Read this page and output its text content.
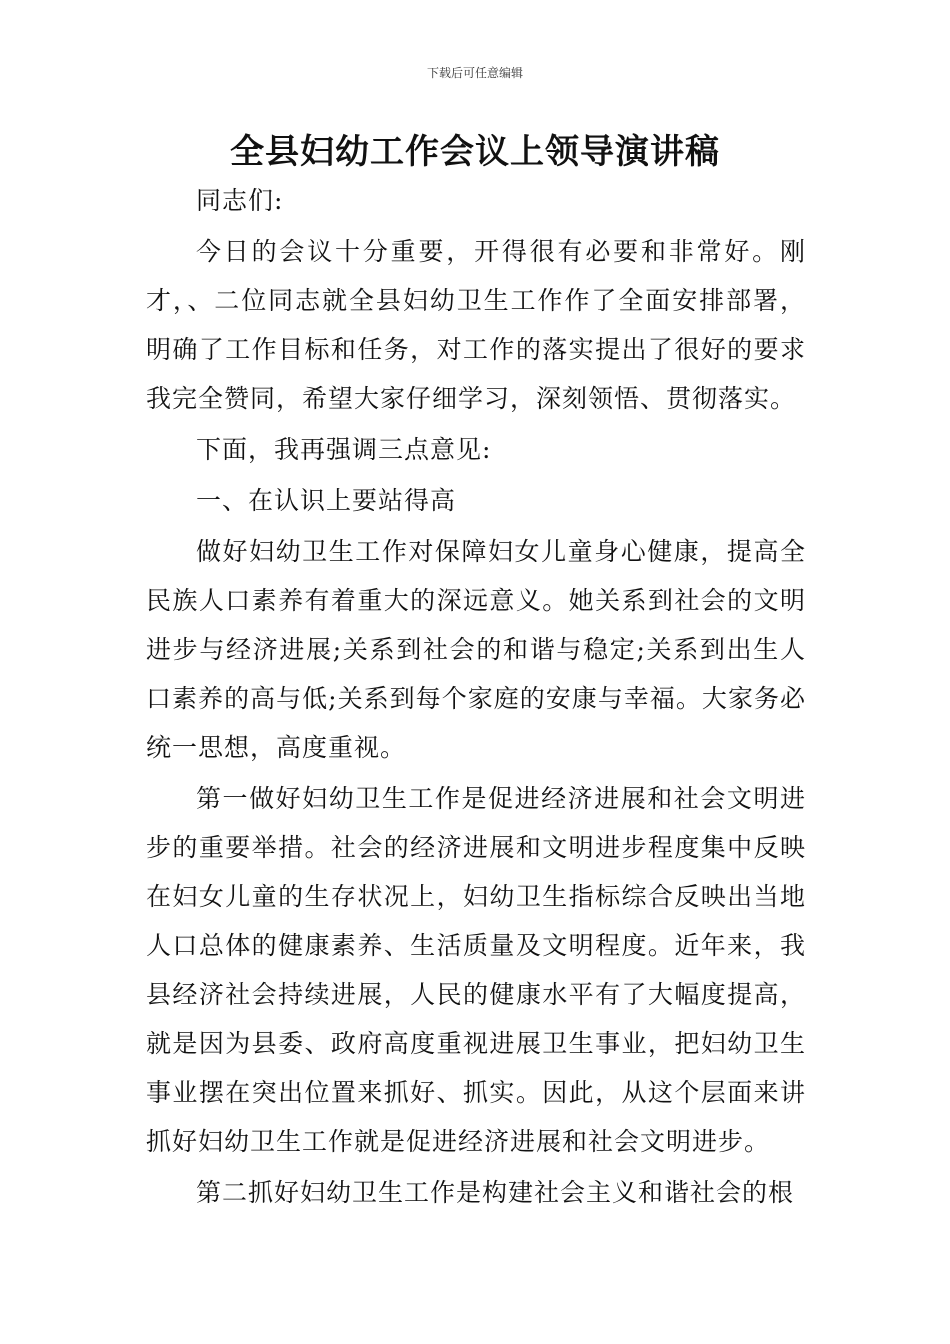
下载后可任意编辑
全县妇幼工作会议上领导演讲稿

同志们:

今日的会议十分重要，开得很有必要和非常好。刚才，、二位同志就全县妇幼卫生工作作了全面安排部署，明确了工作目标和任务，对工作的落实提出了很好的要求我完全赞同，希望大家仔细学习，深刻领悟、贯彻落实。

下面，我再强调三点意见:

一、在认识上要站得高

做好妇幼卫生工作对保障妇女儿童身心健康，提高全民族人口素养有着重大的深远意义。她关系到社会的文明进步与经济进展;关系到社会的和谐与稳定;关系到出生人口素养的高与低;关系到每个家庭的安康与幸福。大家务必统一思想，高度重视。

第一做好妇幼卫生工作是促进经济进展和社会文明进步的重要举措。社会的经济进展和文明进步程度集中反映在妇女儿童的生存状况上，妇幼卫生指标综合反映出当地人口总体的健康素养、生活质量及文明程度。近年来，我县经济社会持续进展，人民的健康水平有了大幅度提高，就是因为县委、政府高度重视进展卫生事业，把妇幼卫生事业摆在突出位置来抓好、抓实。因此，从这个层面来讲抓好妇幼卫生工作就是促进经济进展和社会文明进步。

第二抓好妇幼卫生工作是构建社会主义和谐社会的根
